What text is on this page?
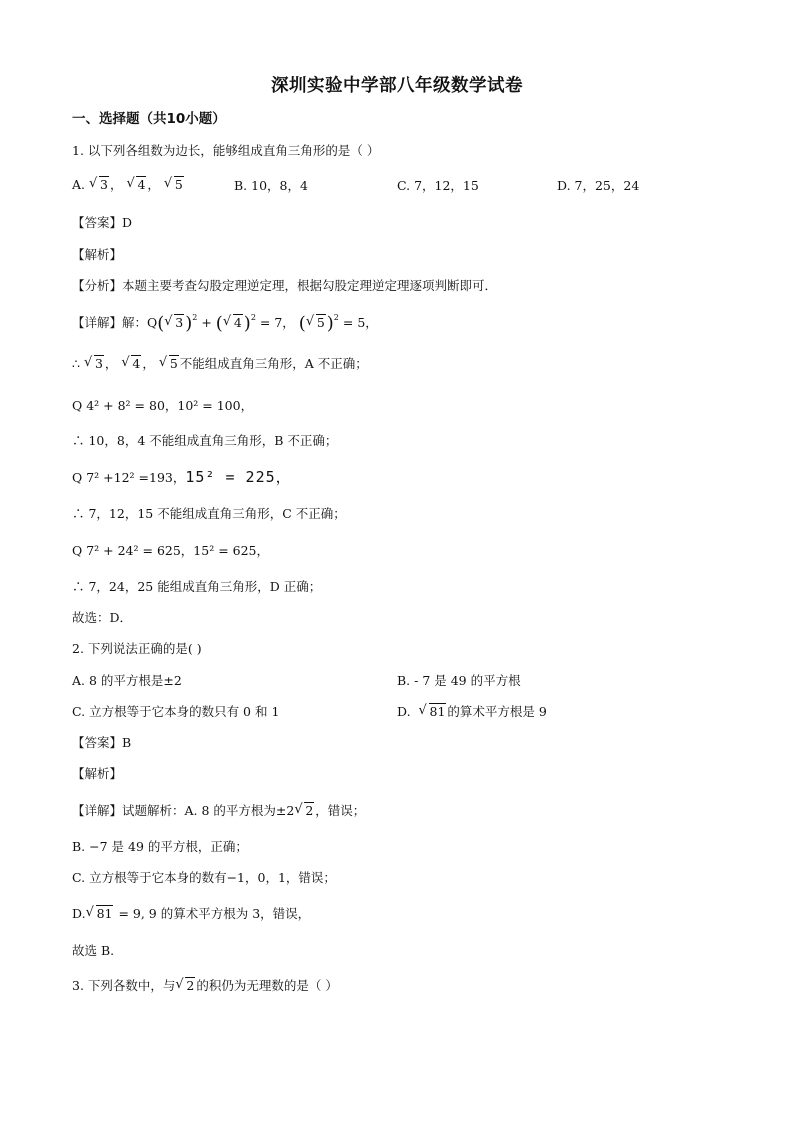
深圳实验中学部八年级数学试卷
一、选择题（共10小题）
1. 以下列各组数为边长，能够组成直角三角形的是（ ）
A. √ 3 ， √ 4 ， √ 5	B. 10，8，4	C. 7，12，15	D. 7，25，24
【答案】D
【解析】
【分析】本题主要考查勾股定理逆定理，根据勾股定理逆定理逐项判断即可．
【详解】解：Q( √ 3 )$^2$ + ( √ 4 )$^2$ = 7， ( √ 5 )$^2$ = 5，
∴ √ 3 ， √ 4 ， √ 5 不能组成直角三角形，A 不正确；
Q 4² + 8² = 80，10² = 100，
∴ 10，8，4 不能组成直角三角形，B 不正确；
Q 7² +12² =193，15² = 225，
∴ 7，12，15 不能组成直角三角形，C 不正确；
Q 7² + 24² = 625，15² = 625，
∴ 7，24，25 能组成直角三角形，D 正确；
故选：D．
2. 下列说法正确的是( )
A. 8 的平方根是±2	B. - 7 是 49 的平方根
C. 立方根等于它本身的数只有 0 和 1	D. √ 81 的算术平方根是 9
【答案】B
【解析】
【详解】试题解析：A. 8 的平方根为±2 √ 2 ，错误；
B. −7 是 49 的平方根，正确；
C. 立方根等于它本身的数有−1，0，1，错误；
D. √ 81 = 9, 9 的算术平方根为 3，错误，
故选 B.
3. 下列各数中，与 √ 2 的积仍为无理数的是（ ）
